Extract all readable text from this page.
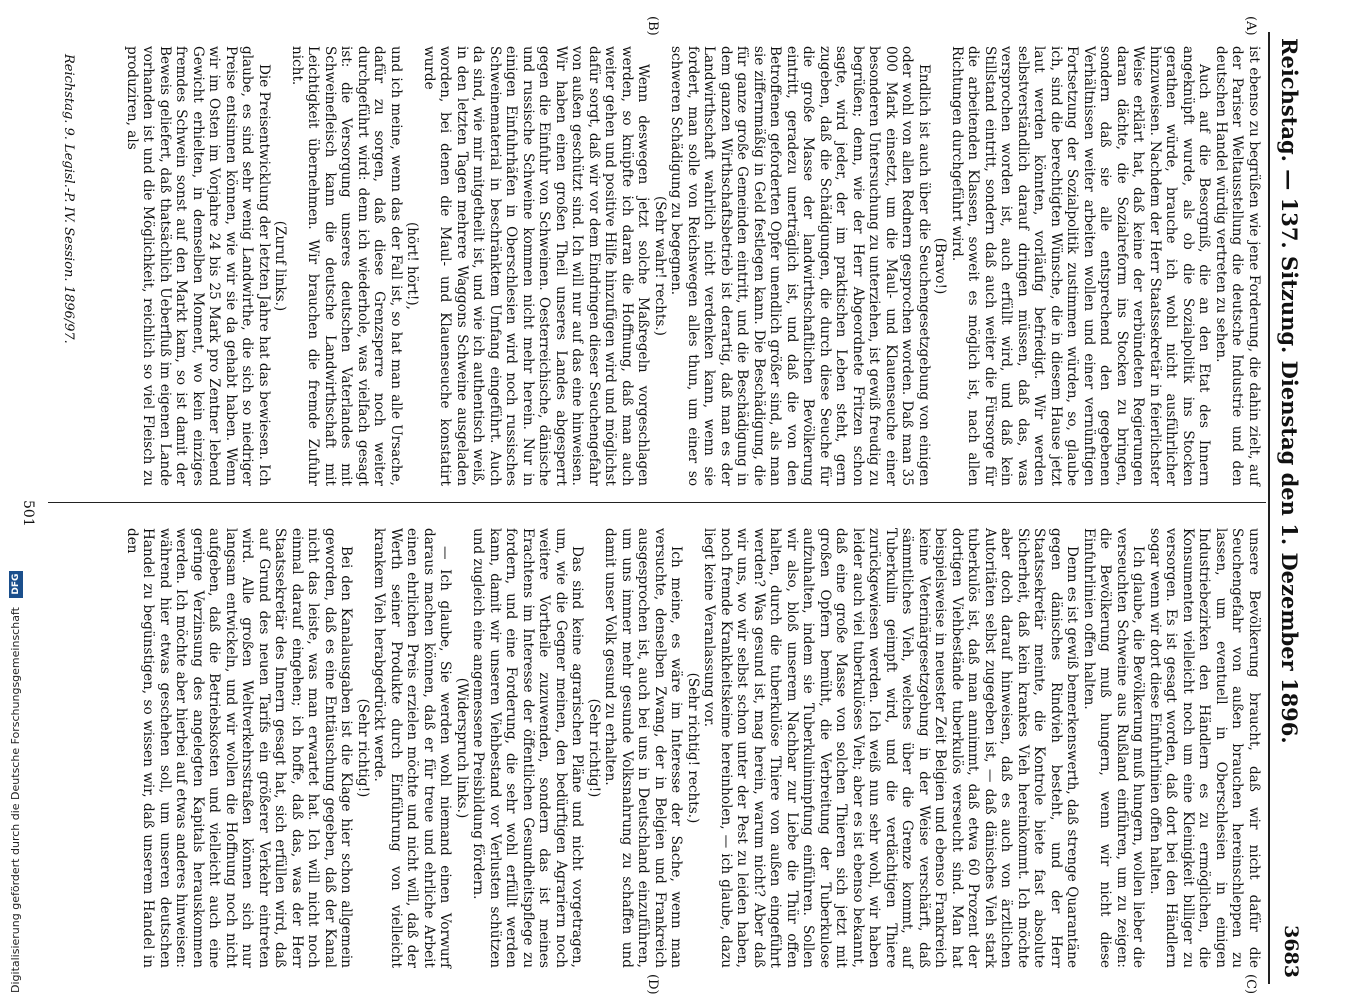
Reichstag. — 137. Sitzung. Dienstag den 1. Dezember 1896.
3683
(A)
(B)
(C)
(D)

ist ebenso zu begrüßen wie jene Forderung, die dahin zielt, auf der Pariser Weltausstellung die deutsche Industrie und den deutschen Handel würdig vertreten zu sehen.

Auch auf die Besorgniß, die an den Etat des Innern angeknüpft wurde, als ob die Sozialpolitik ins Stocken gerathen würde, brauche ich wohl nicht ausführlicher hinzuweisen. Nachdem der Herr Staatssekretär in feierlichster Weise erklärt hat, daß keine der verbündeten Regierungen daran dächte, die Sozialreform ins Stocken zu bringen, sondern daß sie alle entsprechend den gegebenen Verhältnissen weiter arbeiten wollen und einer vernünftigen Fortsetzung der Sozialpolitik zustimmen würden, so, glaube ich, sind die berechtigten Wünsche, die in diesem Hause jetzt laut werden könnten, vorläufig befriedigt. Wir werden selbstverständlich darauf dringen müssen, daß das, was versprochen worden ist, auch erfüllt wird, und daß kein Stillstand eintritt, sondern daß auch weiter die Fürsorge für die arbeitenden Klassen, soweit es möglich ist, nach allen Richtungen durchgeführt wird.

(Bravo!)

Endlich ist auch über die Seuchengesetzgebung von einigen oder wohl von allen Rednern gesprochen worden. Daß man 35 000 Mark einsetzt, um die Maul- und Klauenseuche einer besonderen Untersuchung zu unterziehen, ist gewiß freudig zu begrüßen; denn, wie der Herr Abgeordnete Fritzen schon sagte, wird jeder, der im praktischen Leben steht, gern zugeben, daß die Schädigungen, die durch diese Seuche für die große Masse der landwirthschaftlichen Bevölkerung eintritt, geradezu unerträglich ist, und daß die von den Betroffenen geforderten Opfer unendlich größer sind, als man sie ziffernmäßig in Geld festlegen kann. Die Beschädigung, die für ganze große Gemeinden eintritt, und die Beschädigung in dem ganzen Wirthschaftsbetrieb ist derartig, daß man es der Landwirthschaft wahrlich nicht verdenken kann, wenn sie fordert, man solle von Reichswegen alles thun, um einer so schweren Schädigung zu begegnen.

(Sehr wahr! rechts.)

Wenn deswegen jetzt solche Maßregeln vorgeschlagen werden, so knüpfte ich daran die Hoffnung, daß man auch weiter gehen und positive Hilfe hinzufügen wird und möglichst dafür sorgt, daß wir vor dem Eindringen dieser Seuchengefahr von außen geschützt sind. Ich will nur auf das eine hinweisen. Wir haben einen großen Theil unseres Landes abgesperrt gegen die Einfuhr von Schweinen. Oesterreichische, dänische und russische Schweine kommen nicht mehr herein. Nur in einigen Einfuhrhäfen in Oberschlesien wird noch russisches Schweinematerial in beschränktem Umfang eingeführt. Auch da sind, wie mir mitgetheilt ist, und wie ich authentisch weiß, in den letzten Tagen mehrere Waggons Schweine ausgeladen worden, bei denen die Maul- und Klauenseuche konstatirt wurde

(hört! hört!),

und ich meine, wenn das der Fall ist, so hat man alle Ursache, dafür zu sorgen, daß diese Grenzsperre noch weiter durchgeführt wird: denn ich wiederhole, was vielfach gesagt ist: die Versorgung unseres deutschen Vaterlandes mit Schweinefleisch kann die deutsche Landwirthschaft mit Leichtigkeit übernehmen. Wir brauchen die fremde Zufuhr nicht.

(Zuruf links.)

Die Preisentwicklung der letzten Jahre hat das bewiesen. Ich glaube, es sind sehr wenig Landwirthe, die sich so niedriger Preise entsinnen können, wie wir sie da gehabt haben. Wenn wir im Osten im Vorjahre 24 bis 25 Mark pro Zentner lebend Gewicht erhielten, in demselben Moment, wo kein einziges fremdes Schwein sonst auf den Markt kam, so ist damit der Beweis geliefert, daß thatsächlich Ueberfluß im eigenen Lande vorhanden ist und die Möglichkeit, reichlich so viel Fleisch zu produziren, als

unsere Bevölkerung braucht, daß wir nicht dafür die Seuchengefahr von außen brauchen hereinschleppen zu lassen, um eventuell in Oberschlesien in einigen Industriebezirken den Händlern es zu ermöglichen, die Konsumenten vielleicht noch um eine Kleinigkeit billiger zu versorgen. Es ist gesagt worden, daß dort bei den Händlern sogar wenn wir dort diese Einfuhrlinien offen halten.

Ich glaube, die Bevölkerung muß hungern, wollen lieber die verseuchten Schweine aus Rußland einführen, um zu zeigen: die Bevölkerung muß hungern, wenn wir nicht diese Einfuhrlinien offen halten.

Denn es ist gewiß bemerkenswerth, daß strenge Quarantäne gegen dänisches Rindvieh besteht, und der Herr Staatssekretär meinte, die Kontrole biete fast absolute Sicherheit, daß kein krankes Vieh hereinkommt. Ich möchte aber doch darauf hinweisen, daß es auch von ärztlichen Autoritäten selbst zugegeben ist, — daß dänisches Vieh stark tuberkulös ist, daß man annimmt, daß etwa 60 Prozent der dortigen Viehbestände tuberkulös verseucht sind. Man hat beispielsweise in neuester Zeit Belgien und ebenso Frankreich keine Veterinärgesetzgebung in der Weise verschärft, daß sämmtliches Vieh, welches über die Grenze kommt, auf Tuberkulin geimpft wird, und die verdächtigen Thiere zurückgewiesen werden. Ich weiß nun sehr wohl, wir haben leider auch viel tuberkulöses Vieh; aber es ist ebenso bekannt, daß eine große Masse von solchen Thieren sich jetzt mit großen Opfern bemüht, die Verbreitung der Tuberkulose aufzuhalten, indem sie Tuberkulinimpfung einführen. Sollen wir also, bloß unserem Nachbar zur Liebe die Thür offen halten, durch die tuberkulöse Thiere von außen eingeführt werden? Was gesund ist, mag herein, warum nicht? Aber daß wir uns, wo wir selbst schon unter der Pest zu leiden haben, noch fremde Krankheitskeime hereinholen, — ich glaube, dazu liegt keine Veranlassung vor.

(Sehr richtig! rechts.)

Ich meine, es wäre im Interesse der Sache, wenn man versuchte, denselben Zwang, der in Belgien und Frankreich ausgesprochen ist, auch bei uns in Deutschland einzuführen, um uns immer mehr gesunde Volksnahrung zu schaffen und damit unser Volk gesund zu erhalten.

(Sehr richtig!)

Das sind keine agrarischen Pläne und nicht vorgetragen, um, wie die Gegner meinen, den bedürftigen Agrariern noch weitere Vortheile zuzuwenden, sondern das ist meines Erachtens im Interesse der öffentlichen Gesundheitspflege zu fordern, und eine Forderung, die sehr wohl erfüllt werden kann, damit wir unseren Viehbestand vor Verlusten schützen und zugleich eine angemessene Preisbildung fördern.

(Widerspruch links.)

— Ich glaube, Sie werden wohl niemand einen Vorwurf daraus machen können, daß er für treue und ehrliche Arbeit einen ehrlichen Preis erzielen möchte und nicht will, daß der Werth seiner Produkte durch Einführung von vielleicht krankem Vieh herabgedrückt werde.

(Sehr richtig!)

Bei den Kanalausgaben ist die Klage hier schon allgemein geworden, daß es eine Enttäuschung gegeben, daß der Kanal nicht das leiste, was man erwartet hat. Ich will nicht noch einmal darauf eingehen; ich hoffe, daß das, was der Herr Staatssekretär des Innern gesagt hat, sich erfüllen wird, daß auf Grund des neuen Tarifs ein größerer Verkehr eintreten wird. Alle großen Weltverkehrsstraßen können sich nur langsam entwickeln, und wir wollen die Hoffnung noch nicht aufgeben, daß die Betriebskosten und vielleicht auch eine geringe Verzinsung des angelegten Kapitals herauskommen werden. Ich möchte aber hierbei auf etwas anderes hinweisen: während hier etwas geschehen soll, um unseren deutschen Handel zu begünstigen, so wissen wir, daß unserem Handel in den

Reichstag. 9. Legisl.-P. IV. Session. 1896/97.
501
Digitalisierung gefördert durch die Deutsche Forschungsgemeinschaft DFG
